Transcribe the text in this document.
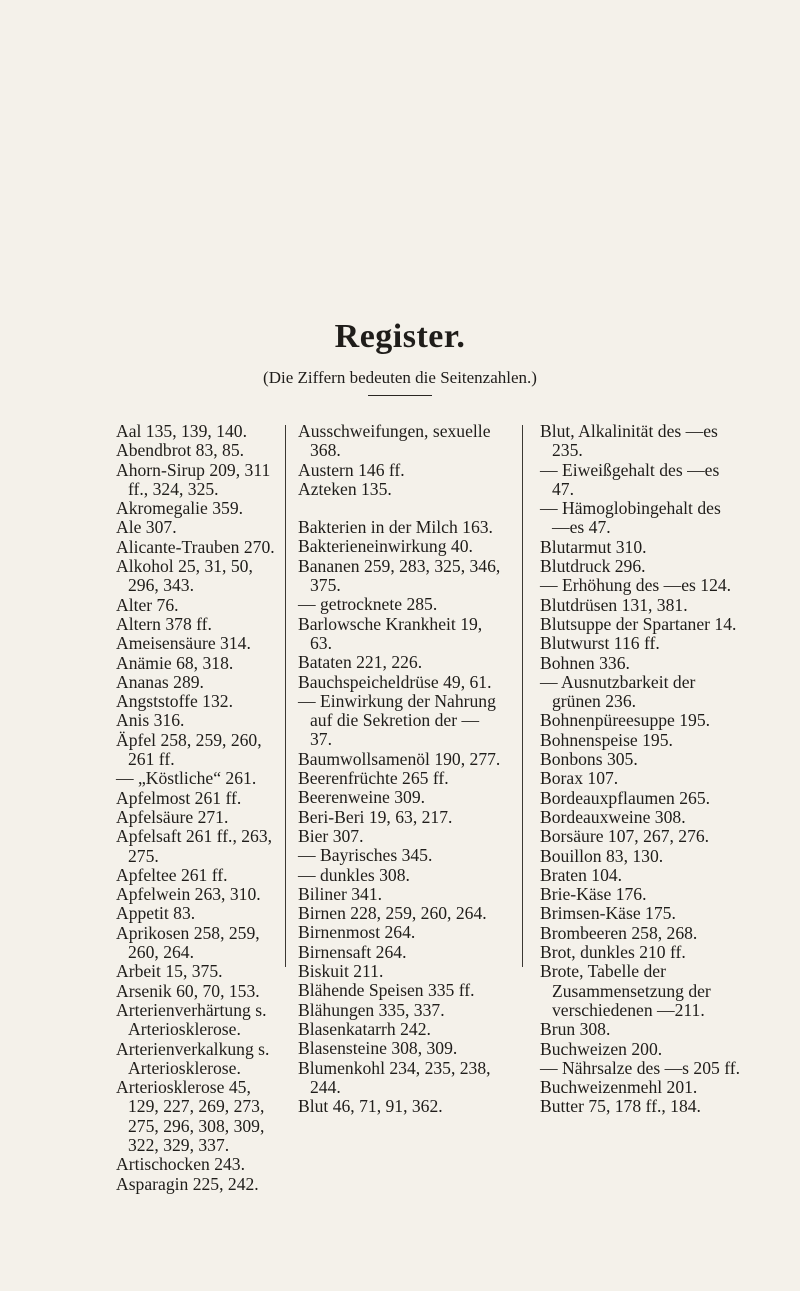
Register.

(Die Ziffern bedeuten die Seitenzahlen.)

Aal 135, 139, 140.

Abendbrot 83, 85.

Ahorn-Sirup 209, 311 ff., 324, 325.

Akromegalie 359.

Ale 307.

Alicante-Trauben 270.

Alkohol 25, 31, 50, 296, 343.

Alter 76.

Altern 378 ff.

Ameisensäure 314.

Anämie 68, 318.

Ananas 289.

Angststoffe 132.

Anis 316.

Äpfel 258, 259, 260, 261 ff.

— „Köstliche“ 261.

Apfelmost 261 ff.

Apfelsäure 271.

Apfelsaft 261 ff., 263, 275.

Apfeltee 261 ff.

Apfelwein 263, 310.

Appetit 83.

Aprikosen 258, 259, 260, 264.

Arbeit 15, 375.

Arsenik 60, 70, 153.

Arterienverhärtung s. Arteriosklerose.

Arterienverkalkung s. Arteriosklerose.

Arteriosklerose 45, 129, 227, 269, 273, 275, 296, 308, 309, 322, 329, 337.

Artischocken 243.

Asparagin 225, 242.

Ausschweifungen, sexuelle 368.

Austern 146 ff.

Azteken 135.

Bakterien in der Milch 163.

Bakterieneinwirkung 40.

Bananen 259, 283, 325, 346, 375.

— getrocknete 285.

Barlowsche Krankheit 19, 63.

Bataten 221, 226.

Bauchspeicheldrüse 49, 61.

— Einwirkung der Nahrung auf die Sekretion der — 37.

Baumwollsamenöl 190, 277.

Beerenfrüchte 265 ff.

Beerenweine 309.

Beri-Beri 19, 63, 217.

Bier 307.

— Bayrisches 345.

— dunkles 308.

Biliner 341.

Birnen 228, 259, 260, 264.

Birnenmost 264.

Birnensaft 264.

Biskuit 211.

Blähende Speisen 335 ff.

Blähungen 335, 337.

Blasenkatarrh 242.

Blasensteine 308, 309.

Blumenkohl 234, 235, 238, 244.

Blut 46, 71, 91, 362.

Blut, Alkalinität des —es 235.

— Eiweißgehalt des —es 47.

— Hämoglobingehalt des —es 47.

Blutarmut 310.

Blutdruck 296.

— Erhöhung des —es 124.

Blutdrüsen 131, 381.

Blutsuppe der Spartaner 14.

Blutwurst 116 ff.

Bohnen 336.

— Ausnutzbarkeit der grünen 236.

Bohnenpüreesuppe 195.

Bohnenspeise 195.

Bonbons 305.

Borax 107.

Bordeauxpflaumen 265.

Bordeauxweine 308.

Borsäure 107, 267, 276.

Bouillon 83, 130.

Braten 104.

Brie-Käse 176.

Brimsen-Käse 175.

Brombeeren 258, 268.

Brot, dunkles 210 ff.

Brote, Tabelle der Zusammensetzung der verschiedenen —211.

Brun 308.

Buchweizen 200.

— Nährsalze des —s 205 ff.

Buchweizenmehl 201.

Butter 75, 178 ff., 184.
